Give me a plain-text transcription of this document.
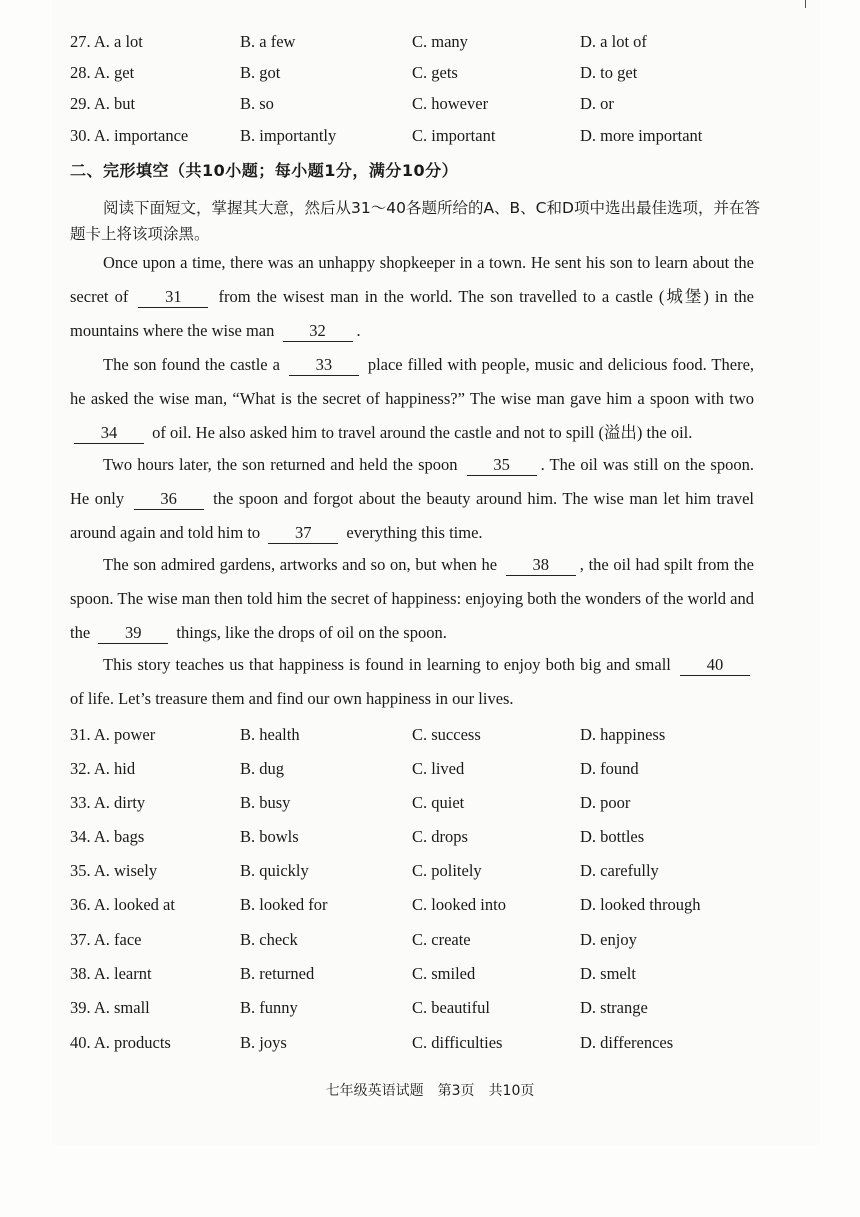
27. A. a lot	B. a few	C. many	D. a lot of
28. A. get	B. got	C. gets	D. to get
29. A. but	B. so	C. however	D. or
30. A. importance	B. importantly	C. important	D. more important
二、完形填空（共10小题；每小题1分，满分10分）
阅读下面短文，掌握其大意，然后从31～40各题所给的A、B、C和D项中选出最佳选项，并在答题卡上将该项涂黑。
Once upon a time, there was an unhappy shopkeeper in a town. He sent his son to learn about the secret of 31 from the wisest man in the world. The son travelled to a castle (城堡) in the mountains where the wise man 32 .
The son found the castle a 33 place filled with people, music and delicious food. There, he asked the wise man, “What is the secret of happiness?” The wise man gave him a spoon with two 34 of oil. He also asked him to travel around the castle and not to spill (溢出) the oil.
Two hours later, the son returned and held the spoon 35 . The oil was still on the spoon. He only 36 the spoon and forgot about the beauty around him. The wise man let him travel around again and told him to 37 everything this time.
The son admired gardens, artworks and so on, but when he 38 , the oil had spilt from the spoon. The wise man then told him the secret of happiness: enjoying both the wonders of the world and the 39 things, like the drops of oil on the spoon.
This story teaches us that happiness is found in learning to enjoy both big and small 40 of life. Let’s treasure them and find our own happiness in our lives.
31. A. power	B. health	C. success	D. happiness
32. A. hid	B. dug	C. lived	D. found
33. A. dirty	B. busy	C. quiet	D. poor
34. A. bags	B. bowls	C. drops	D. bottles
35. A. wisely	B. quickly	C. politely	D. carefully
36. A. looked at	B. looked for	C. looked into	D. looked through
37. A. face	B. check	C. create	D. enjoy
38. A. learnt	B. returned	C. smiled	D. smelt
39. A. small	B. funny	C. beautiful	D. strange
40. A. products	B. joys	C. difficulties	D. differences
七年级英语试题　第3页　共10页
